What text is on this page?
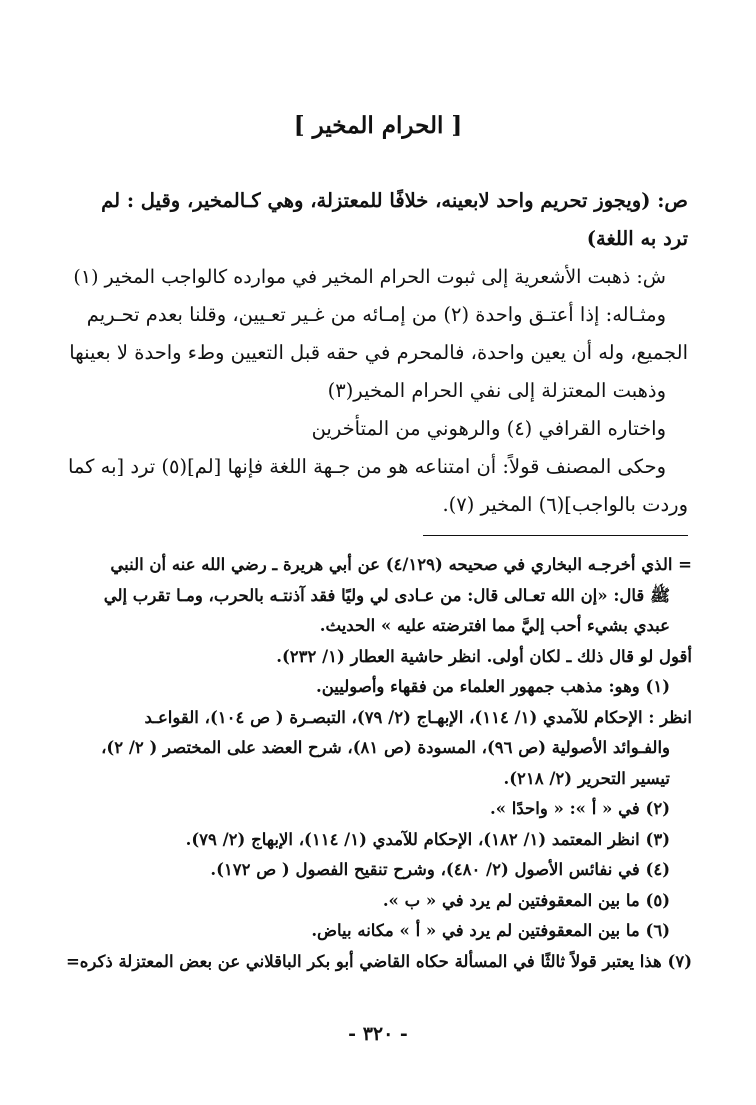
[ الحرام المخير ]
ص: (ويجوز تحريم واحد لابعينه، خلافًا للمعتزلة، وهي كـالمخير، وقيل : لم
ترد به اللغة)
ش: ذهبت الأشعرية إلى ثبوت الحرام المخير في موارده كالواجب المخير (١)
ومثـاله: إذا أعتـق واحدة (٢) من إمـائه من غـير تعـيين، وقلنا بعدم تحـريم
الجميع، وله أن يعين واحدة، فالمحرم في حقه قبل التعيين وطء واحدة لا بعينها
وذهبت المعتزلة إلى نفي الحرام المخير(٣)
واختاره القرافي (٤) والرهوني من المتأخرين
وحكى المصنف قولاً: أن امتناعه هو من جـهة اللغة فإنها [لم](٥) ترد [به كما
وردت بالواجب](٦) المخير (٧).
= الذي أخرجـه البخاري في صحيحه (٤/١٢٩) عن أبي هريرة ـ رضي الله عنه أن النبي
ﷺ قال: «إن الله تعـالى قال: من عـادى لي وليًا فقد آذنتـه بالحرب، ومـا تقرب إلي
عبدي بشيء أحب إليَّ مما افترضته عليه » الحديث.
أقول لو قال ذلك ـ لكان أولى. انظر حاشية العطار (١/ ٢٣٢).
(١) وهو: مذهب جمهور العلماء من فقهاء وأصوليين.
انظر : الإحكام للآمدي (١/ ١١٤)، الإبهـاج (٢/ ٧٩)، التبصـرة ( ص ١٠٤)، القواعـد
والفـوائد الأصولية (ص ٩٦)، المسودة (ص ٨١)، شرح العضد على المختصر ( ٢/ ٢)،
تيسير التحرير (٢/ ٢١٨).
(٢) في « أ »: « واحدًا ».
(٣) انظر المعتمد (١/ ١٨٢)، الإحكام للآمدي (١/ ١١٤)، الإبهاج (٢/ ٧٩).
(٤) في نفائس الأصول (٢/ ٤٨٠)، وشرح تنقيح الفصول ( ص ١٧٢).
(٥) ما بين المعقوفتين لم يرد في « ب ».
(٦) ما بين المعقوفتين لم يرد في « أ » مكانه بياض.
(٧) هذا يعتبر قولاً ثالثًا في المسألة حكاه القاضي أبو بكر الباقلاني عن بعض المعتزلة ذكره=
- ٣٢٠ -
